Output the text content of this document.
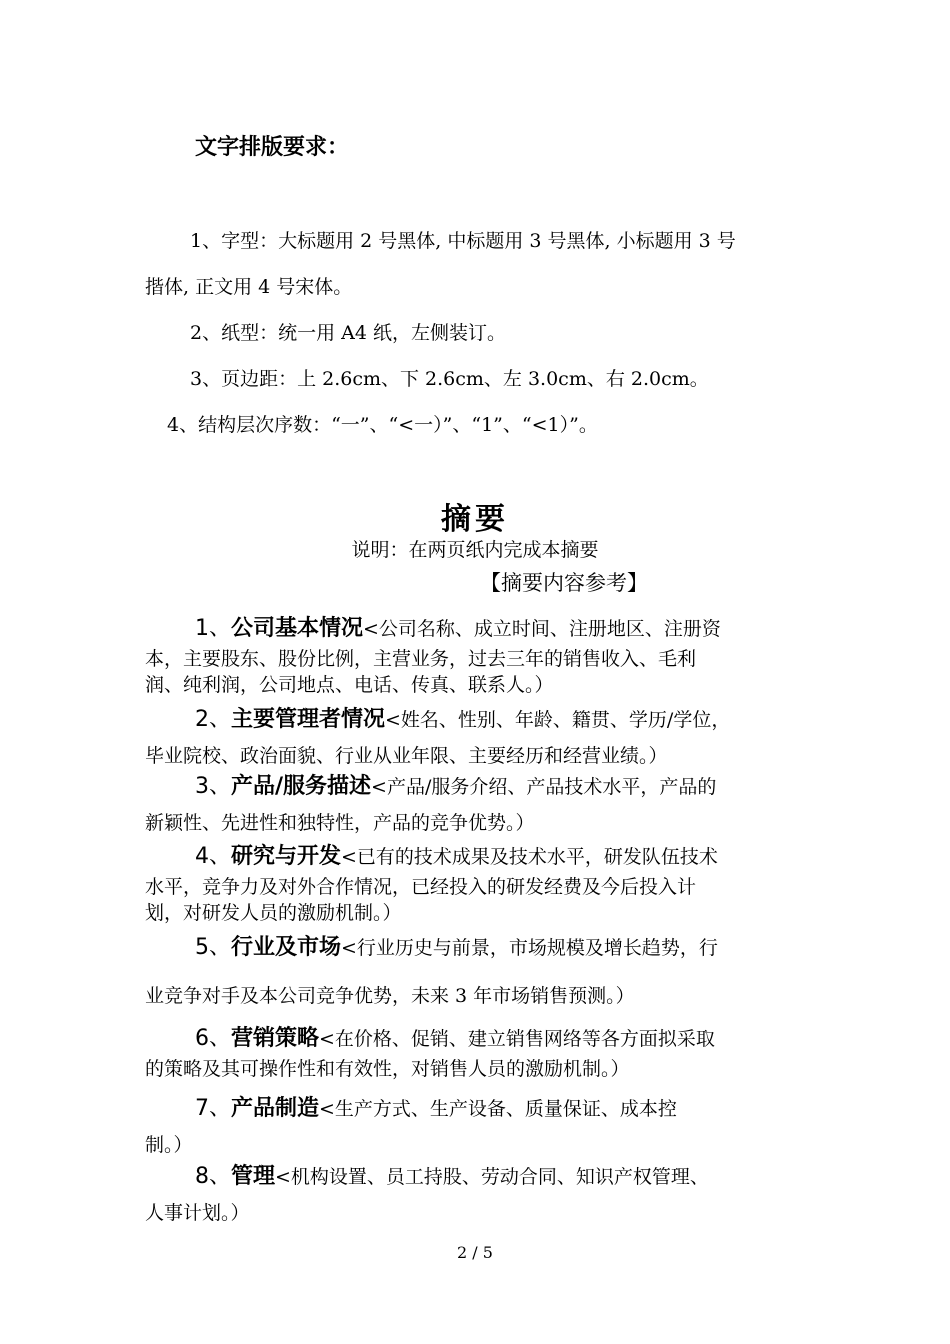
文字排版要求：
1、字型：大标题用 2 号黑体, 中标题用 3 号黑体, 小标题用 3 号
揩体, 正文用 4 号宋体。
2、纸型：统一用 A4 纸，左侧装订。
3、页边距：上 2.6cm、下 2.6cm、左 3.0cm、右 2.0cm。
4、结构层次序数：“一”、“<一）”、“1”、“<1）”。
摘要
说明：在两页纸内完成本摘要
【摘要内容参考】
1、公司基本情况<公司名称、成立时间、注册地区、注册资
本，主要股东、股份比例，主营业务，过去三年的销售收入、毛利
润、纯利润，公司地点、电话、传真、联系人。）
2、主要管理者情况<姓名、性别、年龄、籍贯、学历/学位，
毕业院校、政治面貌、行业从业年限、主要经历和经营业绩。）
3、产品/服务描述<产品/服务介绍、产品技术水平，产品的
新颖性、先进性和独特性，产品的竞争优势。）
4、研究与开发<已有的技术成果及技术水平，研发队伍技术
水平，竞争力及对外合作情况，已经投入的研发经费及今后投入计
划，对研发人员的激励机制。）
5、行业及市场<行业历史与前景，市场规模及增长趋势，行
业竞争对手及本公司竞争优势，未来 3 年市场销售预测。）
6、营销策略<在价格、促销、建立销售网络等各方面拟采取
的策略及其可操作性和有效性，对销售人员的激励机制。）
7、产品制造<生产方式、生产设备、质量保证、成本控
制。）
8、管理<机构设置、员工持股、劳动合同、知识产权管理、
人事计划。）
2 / 5
